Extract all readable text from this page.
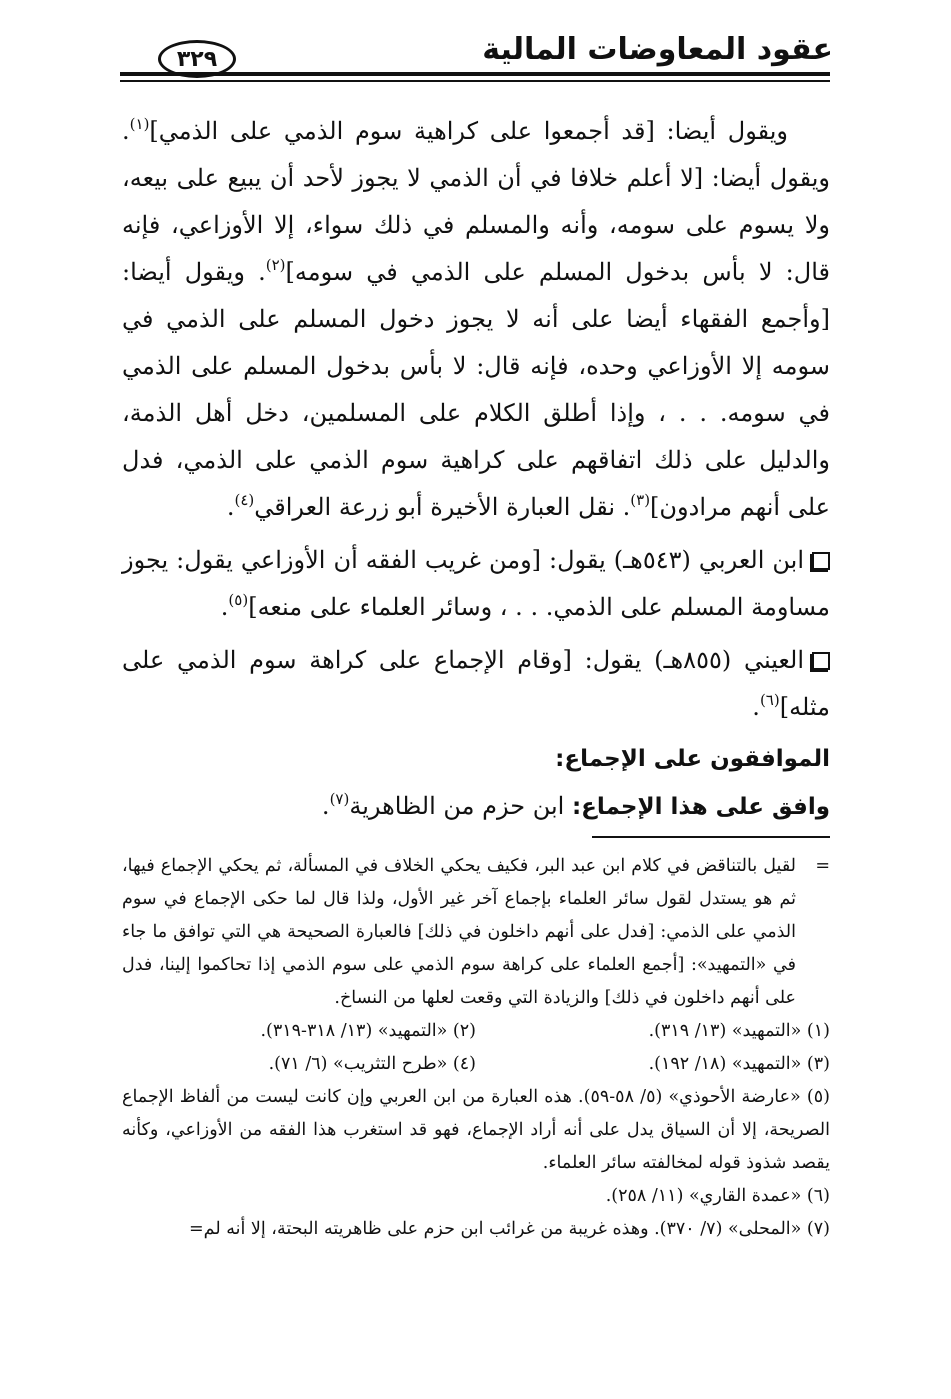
عقود المعاوضات المالية
٣٢٩

ويقول أيضا: [قد أجمعوا على كراهية سوم الذمي على الذمي]$^{(١)}$. ويقول أيضا: [لا أعلم خلافا في أن الذمي لا يجوز لأحد أن يبيع على بيعه، ولا يسوم على سومه، وأنه والمسلم في ذلك سواء، إلا الأوزاعي، فإنه قال: لا بأس بدخول المسلم على الذمي في سومه]$^{(٢)}$. ويقول أيضا: [وأجمع الفقهاء أيضا على أنه لا يجوز دخول المسلم على الذمي في سومه إلا الأوزاعي وحده، فإنه قال: لا بأس بدخول المسلم على الذمي في سومه. . . ، وإذا أطلق الكلام على المسلمين، دخل أهل الذمة، والدليل على ذلك اتفاقهم على كراهية سوم الذمي على الذمي، فدل على أنهم مرادون]$^{(٣)}$. نقل العبارة الأخيرة أبو زرعة العراقي$^{(٤)}$.

ابن العربي (٥٤٣هـ) يقول: [ومن غريب الفقه أن الأوزاعي يقول: يجوز مساومة المسلم على الذمي. . . ، وسائر العلماء على منعه]$^{(٥)}$.

العيني (٨٥٥هـ) يقول: [وقام الإجماع على كراهة سوم الذمي على مثله]$^{(٦)}$.

الموافقون على الإجماع:

وافق على هذا الإجماع: ابن حزم من الظاهرية$^{(٧)}$.

=
لقيل بالتناقض في كلام ابن عبد البر، فكيف يحكي الخلاف في المسألة، ثم يحكي الإجماع فيها، ثم هو يستدل لقول سائر العلماء بإجماع آخر غير الأول، ولذا قال لما حكى الإجماع في سوم الذمي على الذمي: [فدل على أنهم داخلون في ذلك] فالعبارة الصحيحة هي التي توافق ما جاء في «التمهيد»: [أجمع العلماء على كراهة سوم الذمي على سوم الذمي إذا تحاكموا إلينا، فدل على أنهم داخلون في ذلك] والزيادة التي وقعت لعلها من النساخ.

(١) «التمهيد» (١٣/ ٣١٩).
(٢) «التمهيد» (١٣/ ٣١٨-٣١٩).
(٣) «التمهيد» (١٨/ ١٩٢).
(٤) «طرح التثريب» (٦/ ٧١).

(٥) «عارضة الأحوذي» (٥/ ٥٨-٥٩). هذه العبارة من ابن العربي وإن كانت ليست من ألفاظ الإجماع الصريحة، إلا أن السياق يدل على أنه أراد الإجماع، فهو قد استغرب هذا الفقه من الأوزاعي، وكأنه يقصد شذوذ قوله لمخالفته سائر العلماء.

(٦) «عمدة القاري» (١١/ ٢٥٨).

(٧) «المحلى» (٧/ ٣٧٠). وهذه غريبة من غرائب ابن حزم على ظاهريته البحتة، إلا أنه لم=
